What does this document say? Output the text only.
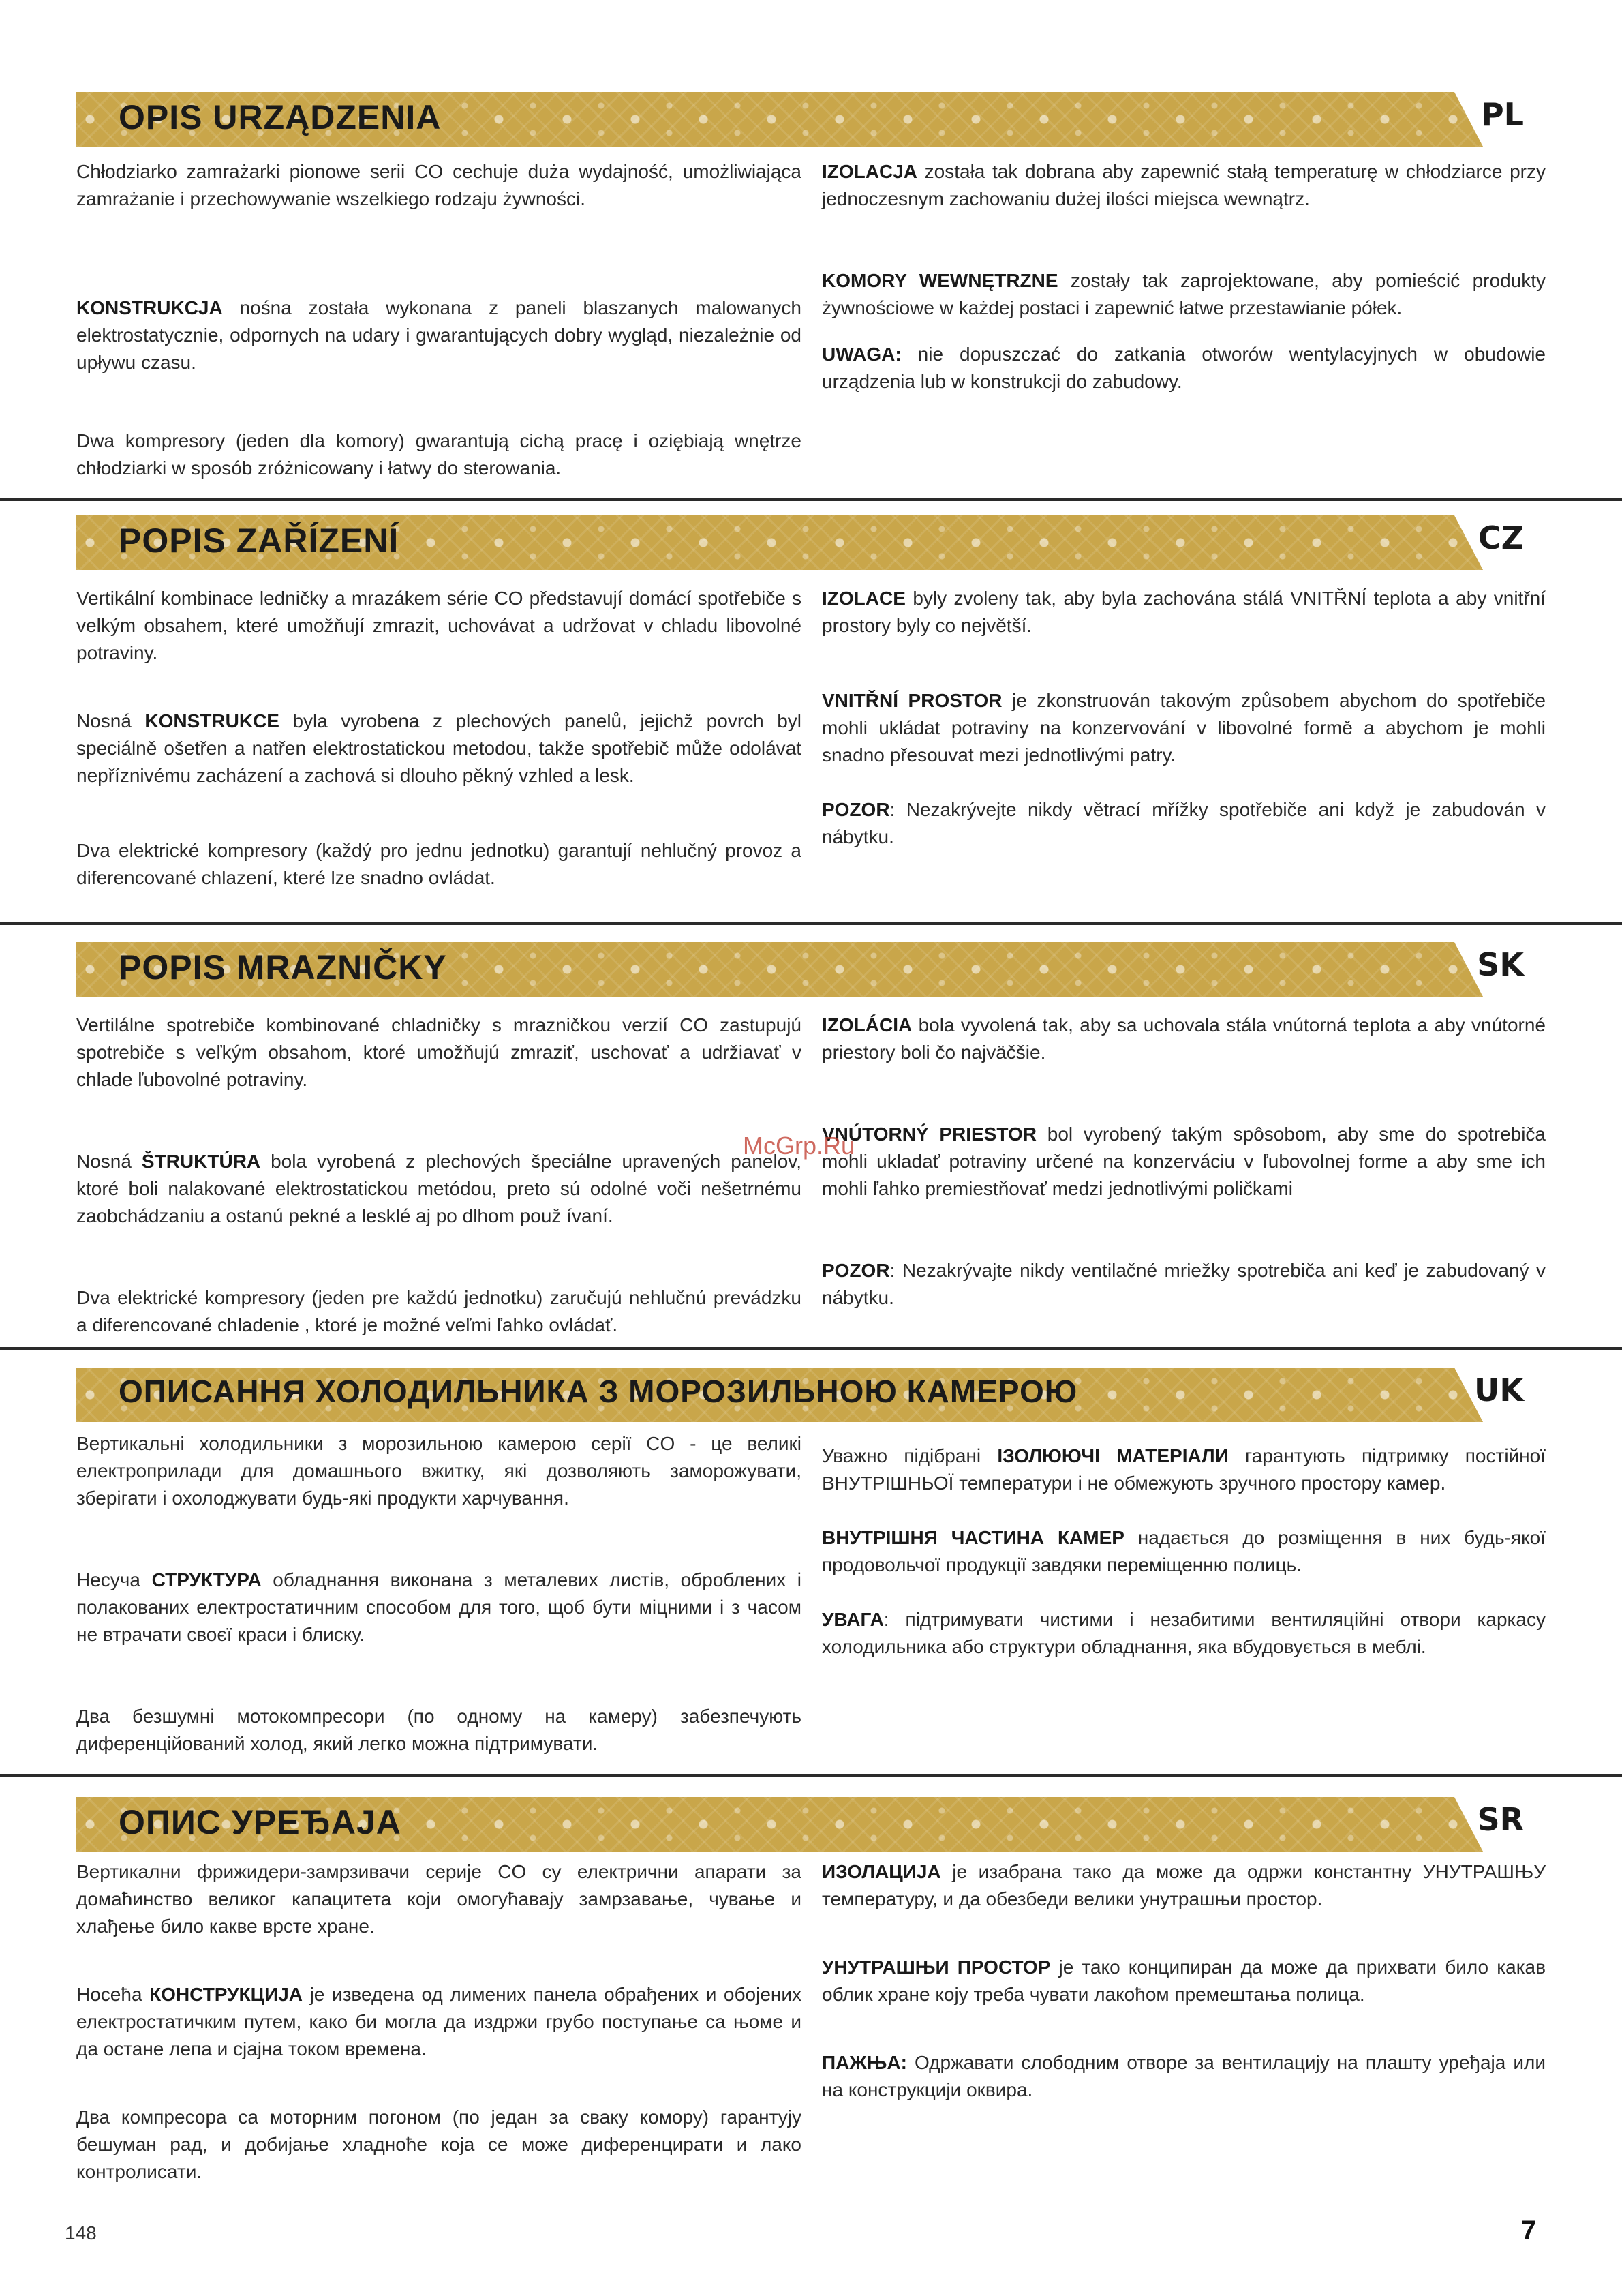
OPIS URZĄDZENIA	PL

Chłodziarko zamrażarki pionowe serii CO cechuje duża wydajność, umożliwiająca zamrażanie i przechowywanie wszelkiego rodzaju żywności.

KONSTRUKCJA nośna została wykonana z paneli blaszanych malowanych elektrostatycznie, odpornych na udary i gwarantujących dobry wygląd, niezależnie od upływu czasu.

Dwa kompresory (jeden dla komory) gwarantują cichą pracę i oziębiają wnętrze chłodziarki w sposób zróżnicowany i łatwy do sterowania.

IZOLACJA została tak dobrana aby zapewnić stałą temperaturę w chłodziarce przy jednoczesnym zachowaniu dużej ilości miejsca wewnątrz.

KOMORY WEWNĘTRZNE zostały tak zaprojektowane, aby pomieścić produkty żywnościowe w każdej postaci i zapewnić łatwe przestawianie półek.

UWAGA: nie dopuszczać do zatkania otworów wentylacyjnych w obudowie urządzenia lub w konstrukcji do zabudowy.

POPIS ZAŘÍZENÍ	CZ

Vertikální kombinace ledničky a mrazákem série CO představují domácí spotřebiče s velkým obsahem, které umožňují zmrazit, uchovávat a udržovat v chladu libovolné potraviny.

Nosná KONSTRUKCE byla vyrobena z plechových panelů, jejichž povrch byl speciálně ošetřen a natřen elektrostatickou metodou, takže spotřebič může odolávat nepříznivému zacházení a zachová si dlouho pěkný vzhled a lesk.

Dva elektrické kompresory (každý pro jednu jednotku) garantují nehlučný provoz a diferencované chlazení, které lze snadno ovládat.

IZOLACE byly zvoleny tak, aby byla zachována stálá VNITŘNÍ teplota a aby vnitřní prostory byly co největší.

VNITŘNÍ PROSTOR je zkonstruován takovým způsobem abychom do spotřebiče mohli ukládat potraviny na konzervování v libovolné formě a abychom je mohli snadno přesouvat mezi jednotlivými patry.

POZOR: Nezakrývejte nikdy větrací mřížky spotřebiče ani když je zabudován v nábytku.

POPIS MRAZNIČKY	SK

Vertilálne spotrebiče kombinované chladničky s mrazničkou verzií CO zastupujú spotrebiče s veľkým obsahom, ktoré umožňujú zmraziť, uschovať a udržiavať v chlade ľubovolné potraviny.

Nosná ŠTRUKTÚRA bola vyrobená z plechových špeciálne upravených panelov, ktoré boli nalakované elektrostatickou metódou, preto sú odolné voči nešetrnému zaobchádzaniu a ostanú pekné a lesklé aj po dlhom použ ívaní.

Dva elektrické kompresory (jeden pre každú jednotku) zaručujú nehlučnú prevádzku a diferencované chladenie , ktoré je možné veľmi ľahko ovládať.

IZOLÁCIA bola vyvolená tak, aby sa uchovala stála vnútorná teplota a aby vnútorné priestory boli čo najväčšie.

VNÚTORNÝ PRIESTOR bol vyrobený takým spôsobom, aby sme do spotrebiča mohli ukladať potraviny určené na konzerváciu v ľubovolnej forme a aby sme ich mohli ľahko premiestňovať medzi jednotlivými poličkami

POZOR: Nezakrývajte nikdy ventilačné mriežky spotrebiča ani keď je zabudovaný v nábytku.

ОПИСАННЯ ХОЛОДИЛЬНИКА З МОРОЗИЛЬНОЮ КАМЕРОЮ	UK

Вертикальні холодильники з морозильною камерою серії CO - це великі електроприлади для домашнього вжитку, які дозволяють заморожувати, зберігати і охолоджувати будь-які продукти харчування.

Несуча СТРУКТУРА обладнання виконана з металевих листів, оброблених і полакованих електростатичним способом для того, щоб бути міцними і з часом не втрачати своєї краси і блиску.

Два безшумні мотокомпресори (по одному на камеру) забезпечують диференційований холод, який легко можна підтримувати.

Уважно підібрані ІЗОЛЮЮЧІ МАТЕРІАЛИ гарантують підтримку постійної ВНУТРІШНЬОЇ температури і не обмежують зручного простору камер.

ВНУТРІШНЯ ЧАСТИНА КАМЕР надається до розміщення в них будь-якої продовольчої продукції завдяки переміщенню полиць.

УВАГА: підтримувати чистими і незабитими вентиляційні отвори каркасу холодильника або структури обладнання, яка вбудовується в меблі.

ОПИС УРЕЂАЈА	SR

Вертикални фрижидери-замрзивачи серије CO су електрични апарати за домаћинство великог капацитета који омогућавају замрзавање, чување и хлађење било какве врсте хране.

Носећа КОНСТРУКЦИЈА је изведена од лимених панела обрађених и обојених електростатичким путем, како би могла да издржи грубо поступање са њоме и да остане лепа и сјајна током времена.

Два компресора са моторним погоном (по један за сваку комору) гарантују бешуман рад, и добијање хладноће која се може диференцирати и лако контролисати.

ИЗОЛАЦИЈА је изабрана тако да може да одржи константну УНУТРАШЊУ температуру, и да обезбеди велики унутрашњи простор.

УНУТРАШЊИ ПРОСТОР је тако конципиран да може да прихвати било какав облик хране коју треба чувати лакоћом премештања полица.

ПАЖЊА: Одржавати слободним отворе за вентилацију на плашту уређаја или на конструкцији оквира.

McGrp.Ru
148	7
